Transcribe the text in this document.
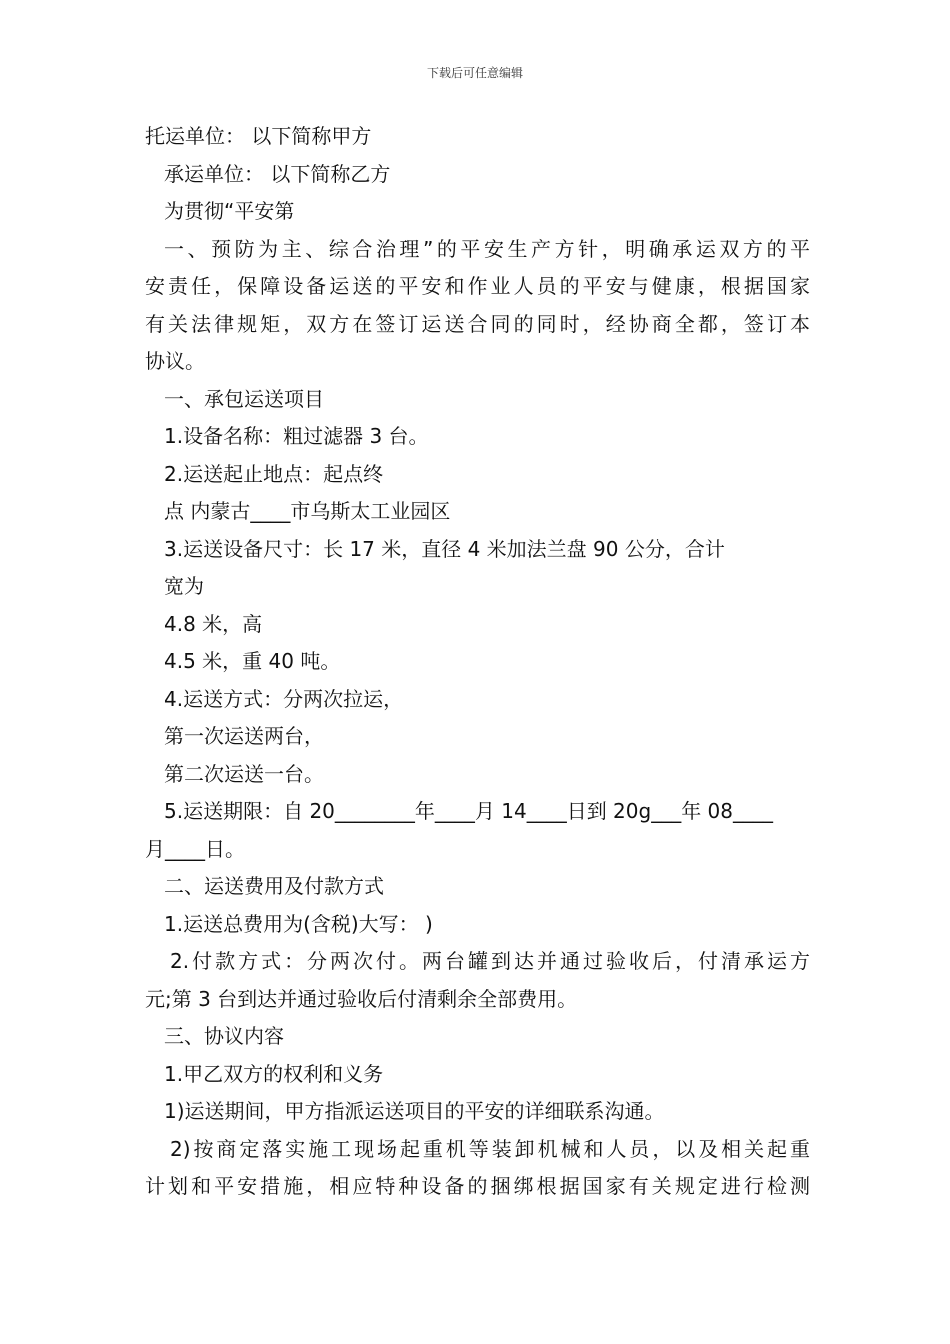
下载后可任意编辑
托运单位： 以下简称甲方
承运单位： 以下简称乙方
为贯彻“平安第
一、预防为主、综合治理”的平安生产方针，明确承运双方的平
安责任，保障设备运送的平安和作业人员的平安与健康，根据国家
有关法律规矩，双方在签订运送合同的同时，经协商全都，签订本
协议。
一、承包运送项目
1.设备名称：粗过滤器 3 台。
2.运送起止地点：起点终
点 内蒙古____市乌斯太工业园区
3.运送设备尺寸：长 17 米，直径 4 米加法兰盘 90 公分，合计
宽为
4.8 米，高
4.5 米，重 40 吨。
4.运送方式：分两次拉运，
第一次运送两台，
第二次运送一台。
5.运送期限：自 20________年____月 14____日到 20g___年 08____
月____日。
二、运送费用及付款方式
1.运送总费用为(含税)大写： )
2.付款方式：分两次付。两台罐到达并通过验收后，付清承运方
元;第 3 台到达并通过验收后付清剩余全部费用。
三、协议内容
1.甲乙双方的权利和义务
1)运送期间，甲方指派运送项目的平安的详细联系沟通。
2)按商定落实施工现场起重机等装卸机械和人员，以及相关起重
计划和平安措施，相应特种设备的捆绑根据国家有关规定进行检测
